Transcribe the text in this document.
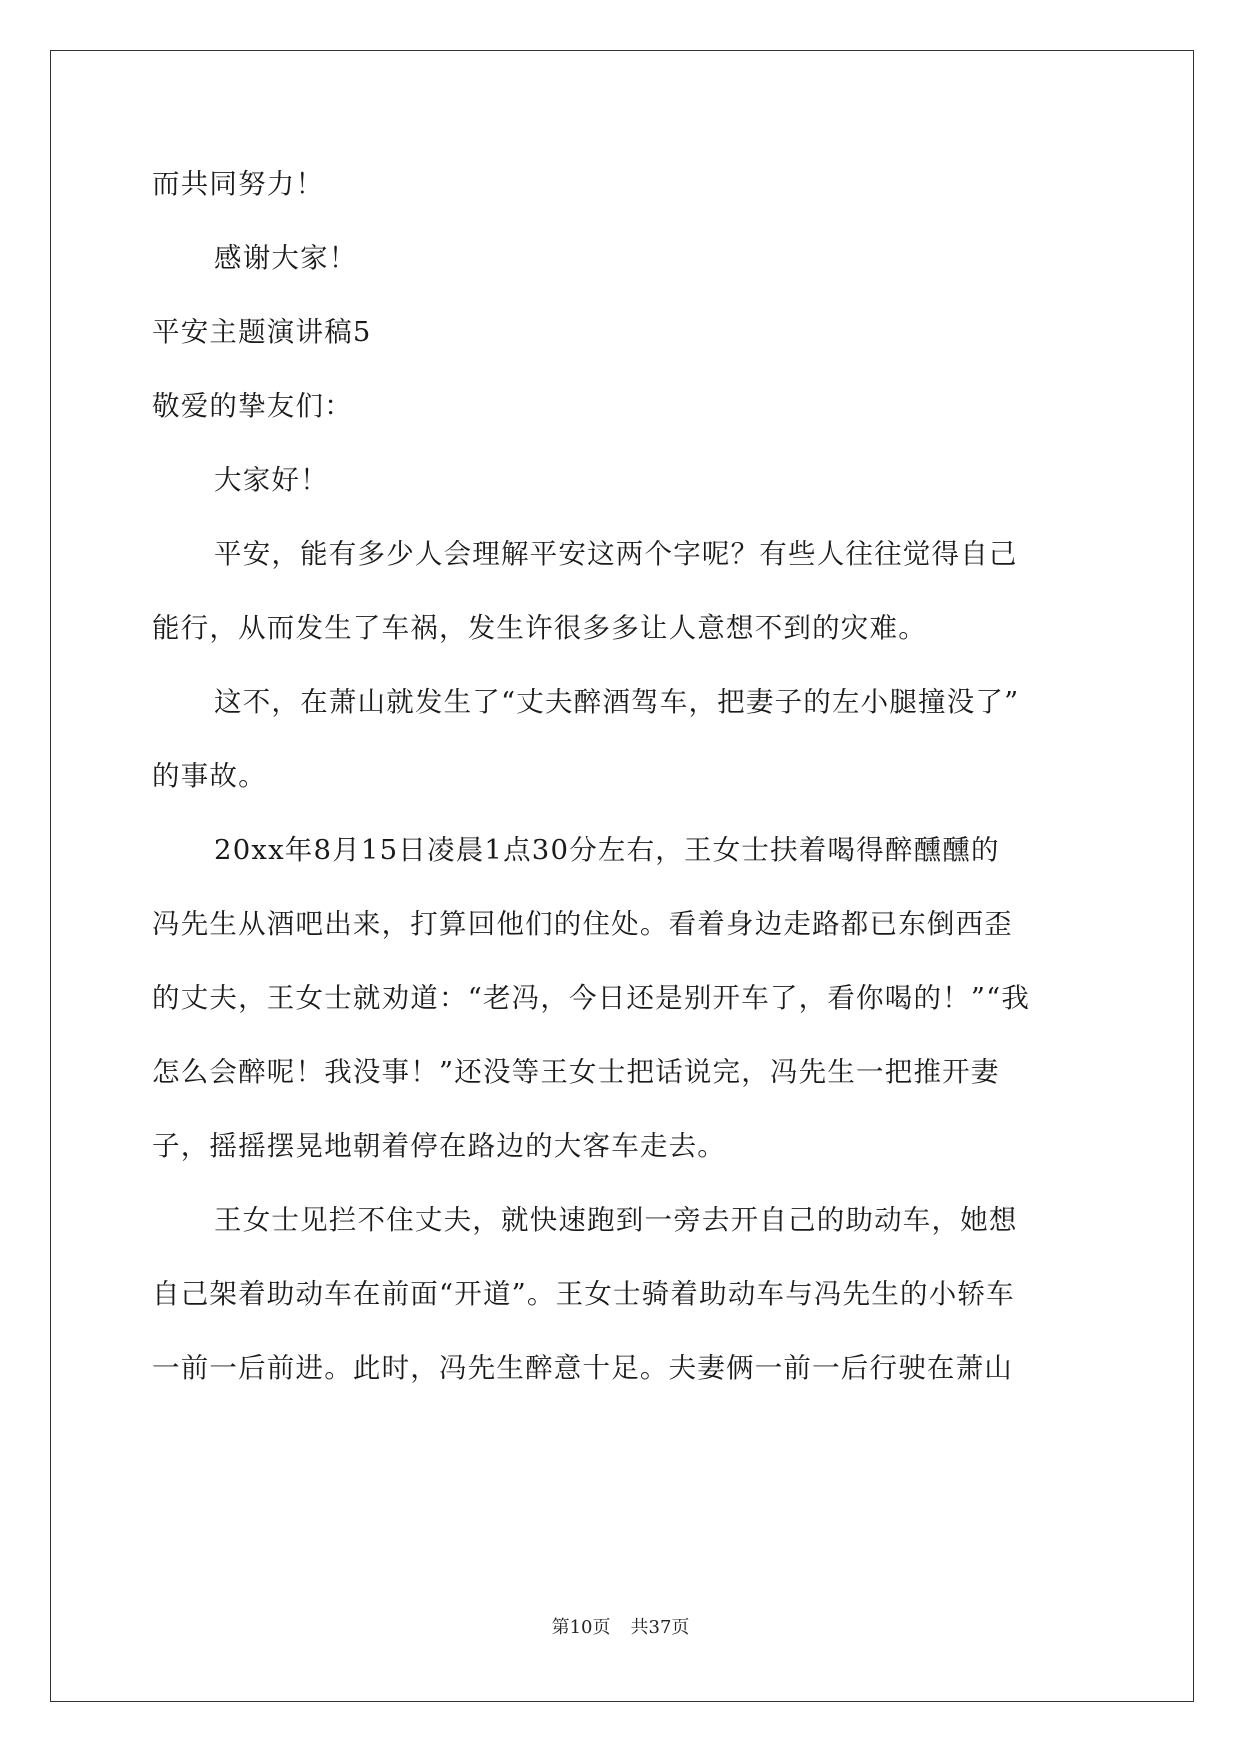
而共同努力！
感谢大家！
平安主题演讲稿5
敬爱的挚友们：
大家好！
平安，能有多少人会理解平安这两个字呢？有些人往往觉得自己
能行，从而发生了车祸，发生许很多多让人意想不到的灾难。
这不，在萧山就发生了“丈夫醉酒驾车，把妻子的左小腿撞没了”
的事故。
20xx年8月15日凌晨1点30分左右，王女士扶着喝得醉醺醺的
冯先生从酒吧出来，打算回他们的住处。看着身边走路都已东倒西歪
的丈夫，王女士就劝道：“老冯，今日还是别开车了，看你喝的！”“我
怎么会醉呢！我没事！”还没等王女士把话说完，冯先生一把推开妻
子，摇摇摆晃地朝着停在路边的大客车走去。
王女士见拦不住丈夫，就快速跑到一旁去开自己的助动车，她想
自己架着助动车在前面“开道”。王女士骑着助动车与冯先生的小轿车
一前一后前进。此时，冯先生醉意十足。夫妻俩一前一后行驶在萧山
第10页 共37页
